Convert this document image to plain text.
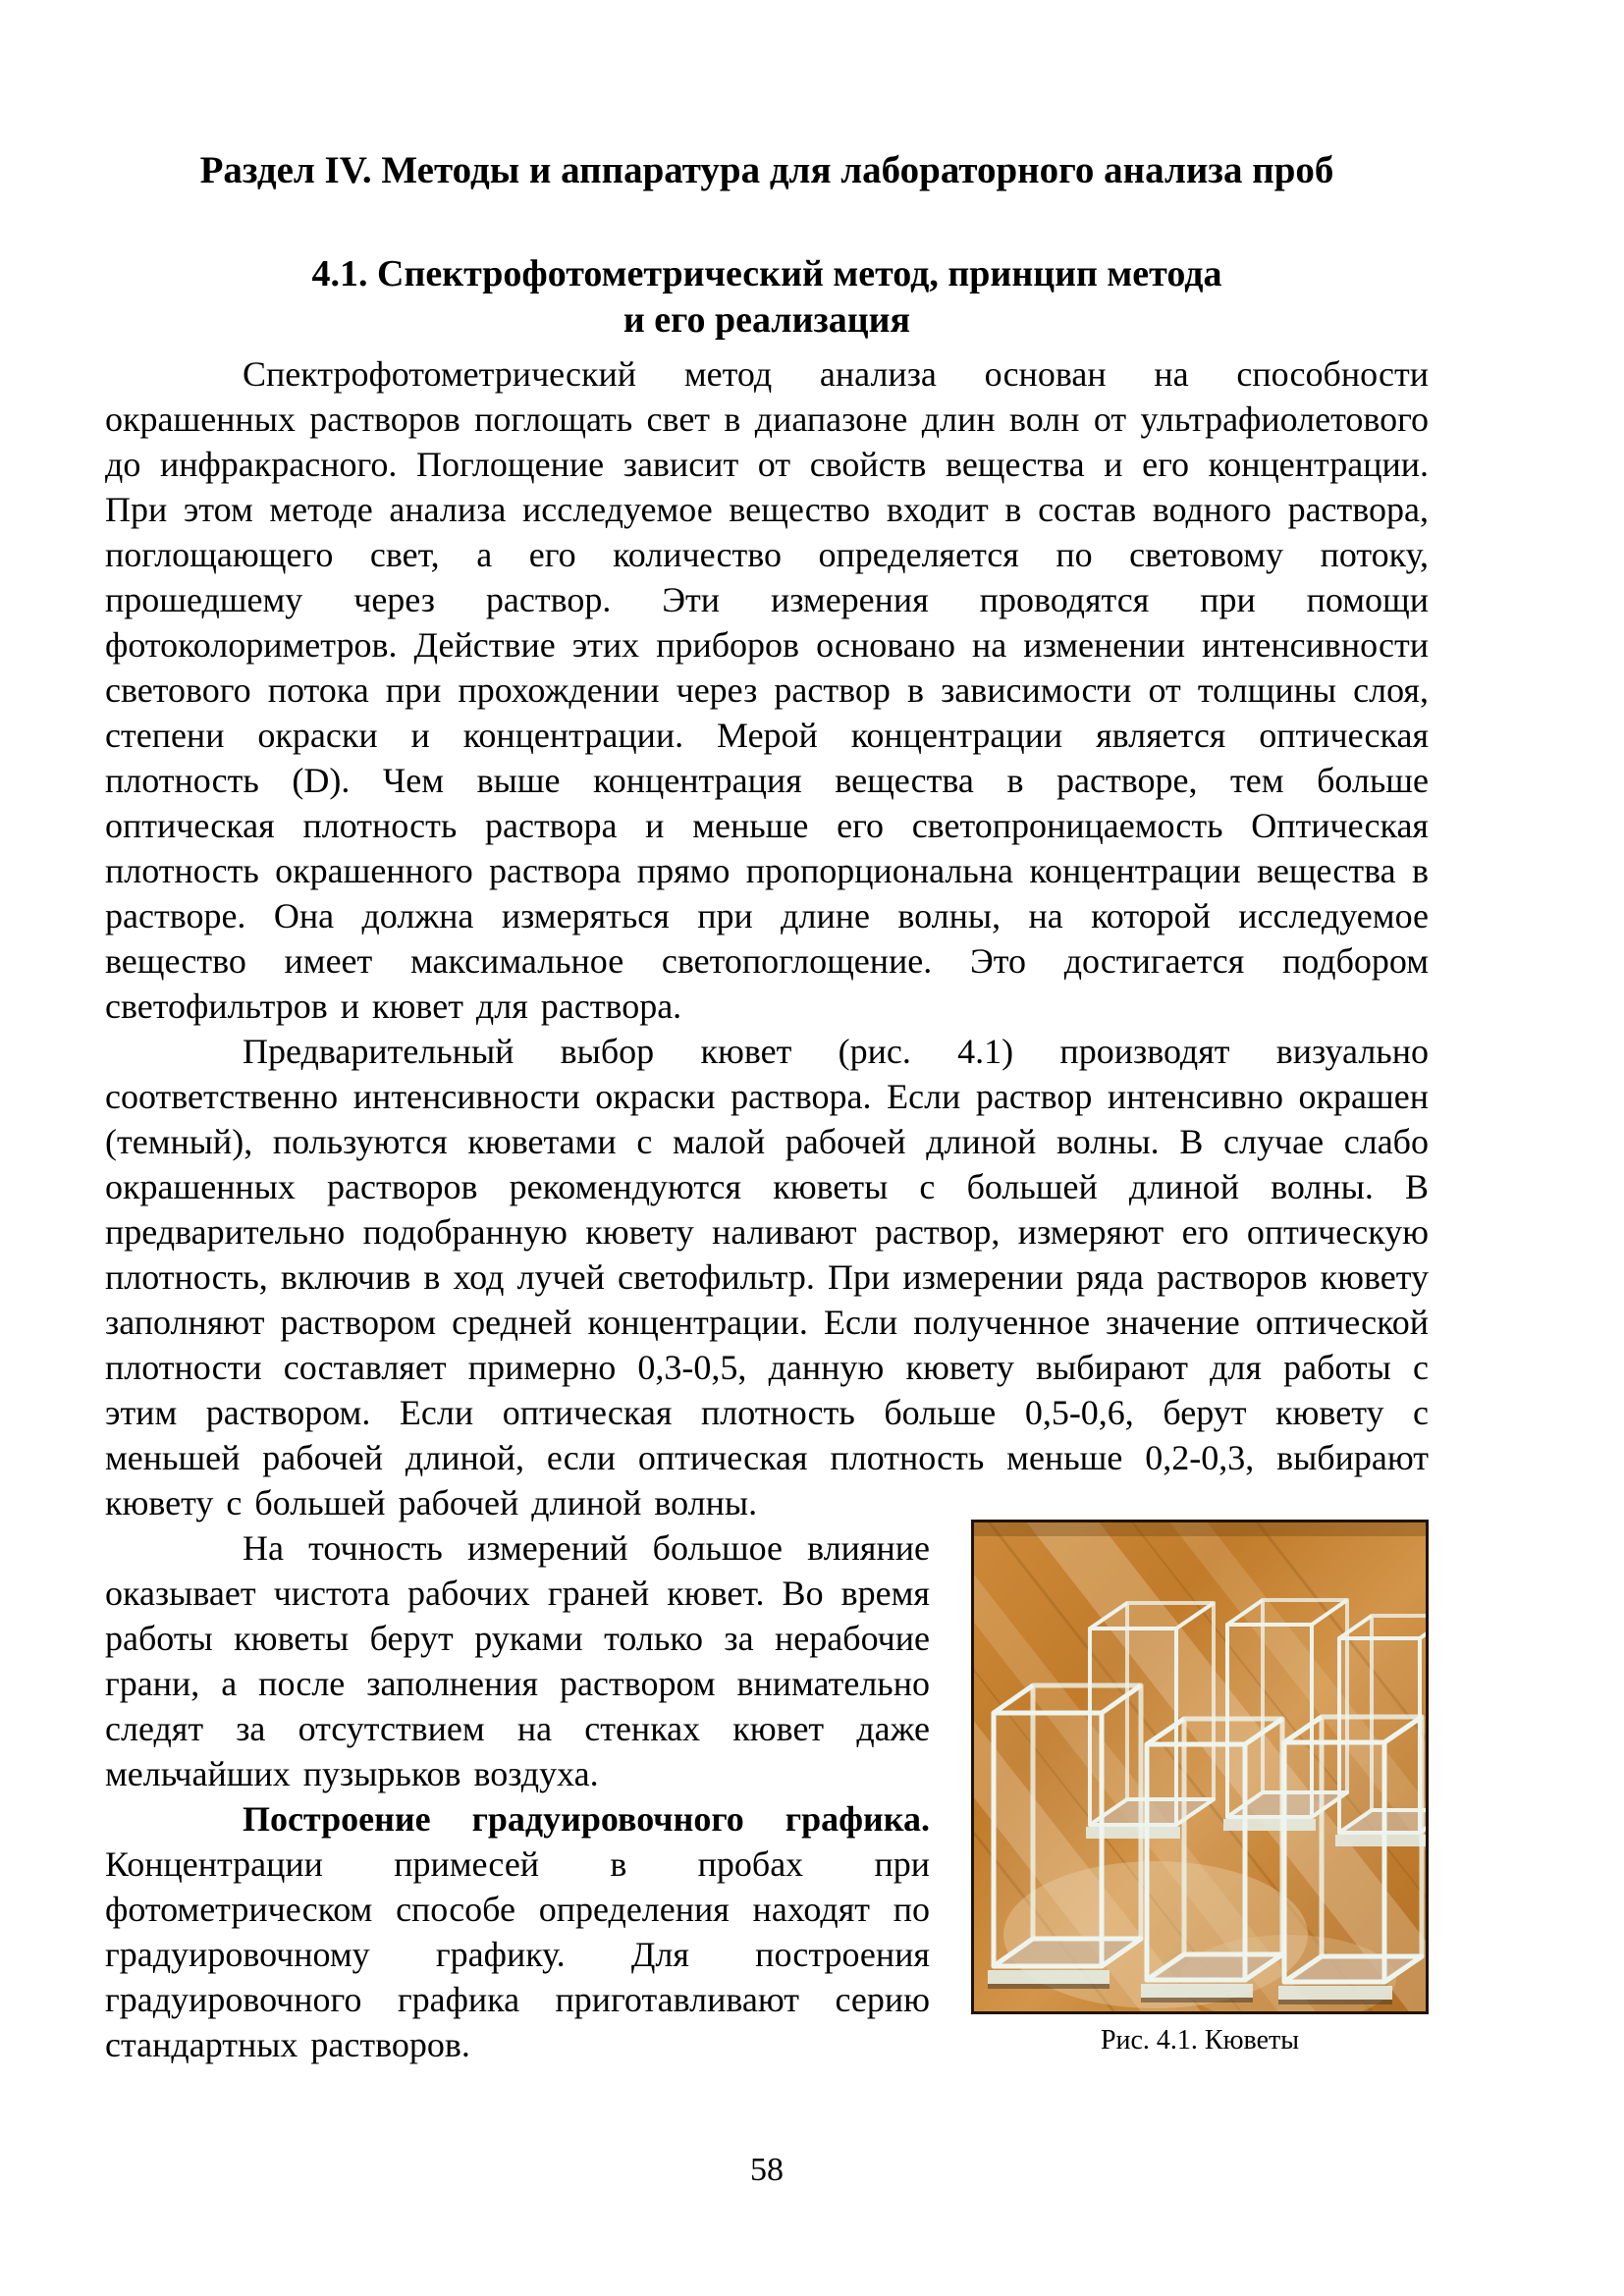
Раздел IV. Методы и аппаратура для лабораторного анализа проб
4.1. Спектрофотометрический метод, принцип метода
и его реализация

Спектрофотометрический метод анализа основан на способности окрашенных растворов поглощать свет в диапазоне длин волн от ультрафиолетового до инфракрасного. Поглощение зависит от свойств вещества и его концентрации. При этом методе анализа исследуемое вещество входит в состав водного раствора, поглощающего свет, а его количество определяется по световому потоку, прошедшему через раствор. Эти измерения проводятся при помощи фотоколориметров. Действие этих приборов основано на изменении интенсивности светового потока при прохождении через раствор в зависимости от толщины слоя, степени окраски и концентрации. Мерой концентрации является оптическая плотность (D). Чем выше концентрация вещества в растворе, тем больше оптическая плотность раствора и меньше его светопроницаемость Оптическая плотность окрашенного раствора прямо пропорциональна концентрации вещества в растворе. Она должна измеряться при длине волны, на которой исследуемое вещество имеет максимальное светопоглощение. Это достигается подбором светофильтров и кювет для раствора.

Предварительный выбор кювет (рис. 4.1) производят визуально соответственно интенсивности окраски раствора. Если раствор интенсивно окрашен (темный), пользуются кюветами с малой рабочей длиной волны. В случае слабо окрашенных растворов рекомендуются кюветы с большей длиной волны. В предварительно подобранную кювету наливают раствор, измеряют его оптическую плотность, включив в ход лучей светофильтр. При измерении ряда растворов кювету заполняют раствором средней концентрации. Если полученное значение оптической плотности составляет примерно 0,3-0,5, данную кювету выбирают для работы с этим раствором. Если оптическая плотность больше 0,5-0,6, берут кювету с меньшей рабочей длиной, если оптическая плотность меньше 0,2-0,3, выбирают кювету с большей рабочей длиной волны.

Рис. 4.1. Кюветы

На точность измерений большое влияние оказывает чистота рабочих граней кювет. Во время работы кюветы берут руками только за нерабочие грани, а после заполнения раствором внимательно следят за отсутствием на стенках кювет даже мельчайших пузырьков воздуха.

Построение градуировочного графика. Концентрации примесей в пробах при фотометрическом способе определения находят по градуировочному графику. Для построения градуировочного графика приготавливают серию стандартных растворов.

58
